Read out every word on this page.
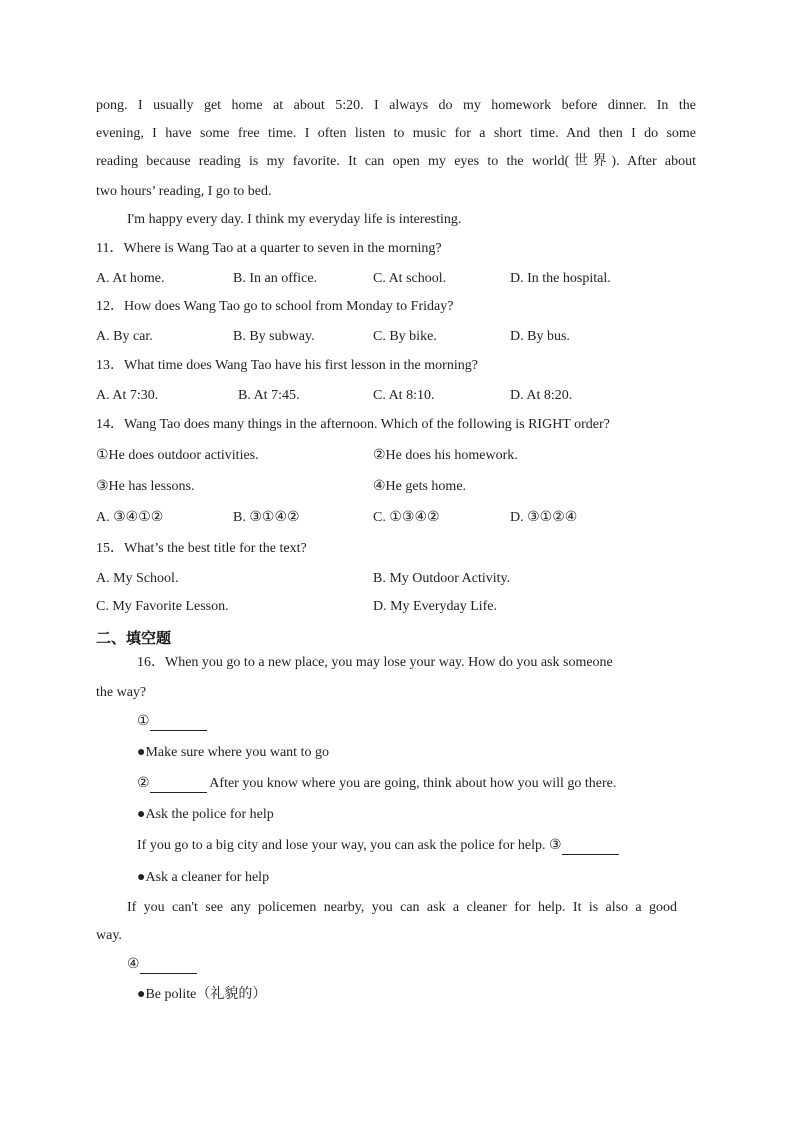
pong. I usually get home at about 5:20. I always do my homework before dinner. In the
evening, I have some free time. I often listen to music for a short time. And then I do some
reading because reading is my favorite. It can open my eyes to the world(世界). After about
two hours’ reading, I go to bed.
I'm happy every day. I think my everyday life is interesting.
11．Where is Wang Tao at a quarter to seven in the morning?
A. At home.	B. In an office.	C. At school.	D. In the hospital.
12．How does Wang Tao go to school from Monday to Friday?
A. By car.	B. By subway.	C. By bike.	D. By bus.
13．What time does Wang Tao have his first lesson in the morning?
A. At 7:30.	B. At 7:45.	C. At 8:10.	D. At 8:20.
14．Wang Tao does many things in the afternoon. Which of the following is RIGHT order?
①He does outdoor activities.	②He does his homework.
③He has lessons.	④He gets home.
A. ③④①②	B. ③①④②	C. ①③④②	D. ③①②④
15．What’s the best title for the text?
A. My School.	B. My Outdoor Activity.
C. My Favorite Lesson.	D. My Everyday Life.
二、填空题
16．When you go to a new place, you may lose your way. How do you ask someone
the way?
①
●Make sure where you want to go
②	After you know where you are going, think about how you will go there.
●Ask the police for help
If you go to a big city and lose your way, you can ask the police for help. ③
●Ask a cleaner for help
If you can't see any policemen nearby, you can ask a cleaner for help. It is also a good
way.
④
●Be polite（礼貌的）
